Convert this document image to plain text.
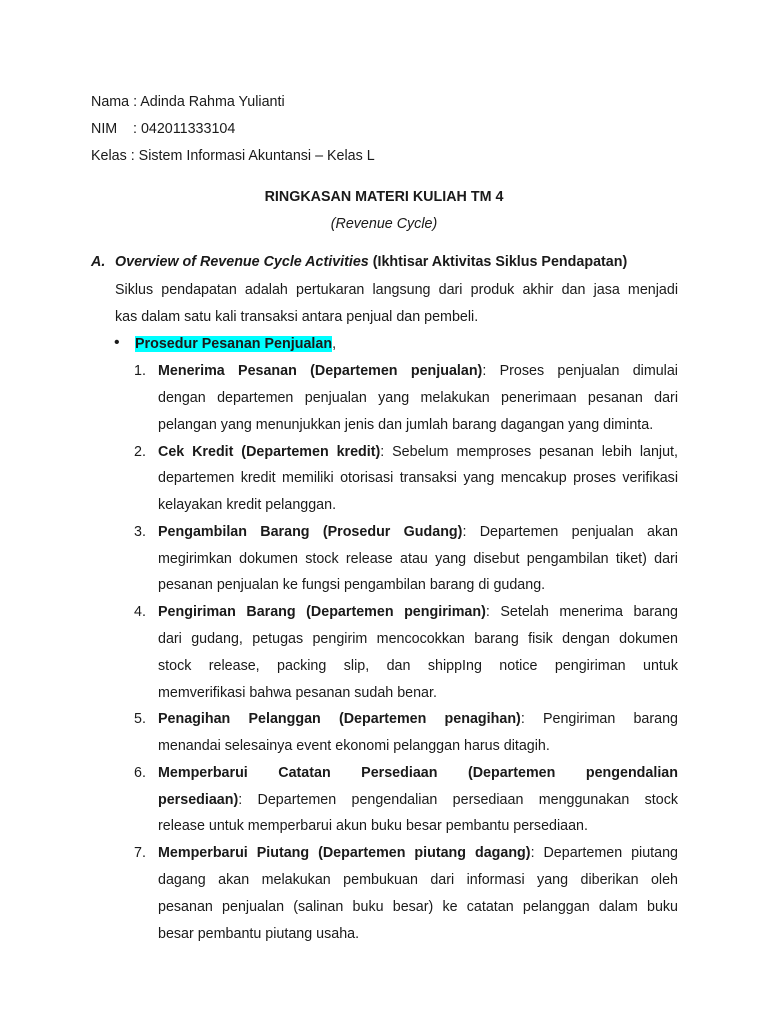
Nama : Adinda Rahma Yulianti
NIM : 042011333104
Kelas : Sistem Informasi Akuntansi – Kelas L
RINGKASAN MATERI KULIAH TM 4
(Revenue Cycle)
A. Overview of Revenue Cycle Activities (Ikhtisar Aktivitas Siklus Pendapatan)
Siklus pendapatan adalah pertukaran langsung dari produk akhir dan jasa menjadi
kas dalam satu kali transaksi antara penjual dan pembeli.
• Prosedur Pesanan Penjualan,
1. Menerima Pesanan (Departemen penjualan): Proses penjualan dimulai
dengan departemen penjualan yang melakukan penerimaan pesanan dari
pelangan yang menunjukkan jenis dan jumlah barang dagangan yang diminta.
2. Cek Kredit (Departemen kredit): Sebelum memproses pesanan lebih lanjut,
departemen kredit memiliki otorisasi transaksi yang mencakup proses verifikasi
kelayakan kredit pelanggan.
3. Pengambilan Barang (Prosedur Gudang): Departemen penjualan akan
megirimkan dokumen stock release atau yang disebut pengambilan tiket) dari
pesanan penjualan ke fungsi pengambilan barang di gudang.
4. Pengiriman Barang (Departemen pengiriman): Setelah menerima barang
dari gudang, petugas pengirim mencocokkan barang fisik dengan dokumen
stock release, packing slip, dan shippIng notice pengiriman untuk
memverifikasi bahwa pesanan sudah benar.
5. Penagihan Pelanggan (Departemen penagihan): Pengiriman barang
menandai selesainya event ekonomi pelanggan harus ditagih.
6. Memperbarui Catatan Persediaan (Departemen pengendalian
persediaan): Departemen pengendalian persediaan menggunakan stock
release untuk memperbarui akun buku besar pembantu persediaan.
7. Memperbarui Piutang (Departemen piutang dagang): Departemen piutang
dagang akan melakukan pembukuan dari informasi yang diberikan oleh
pesanan penjualan (salinan buku besar) ke catatan pelanggan dalam buku
besar pembantu piutang usaha.
